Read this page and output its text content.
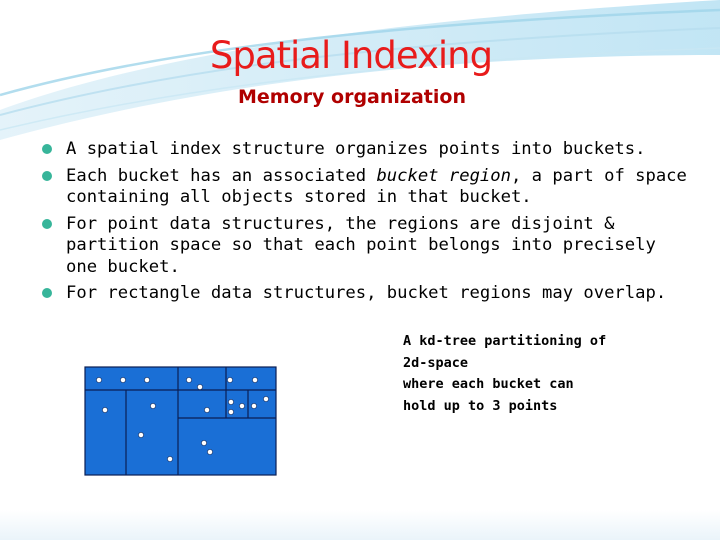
Spatial Indexing
Memory organization
A spatial index structure organizes points into buckets.
Each bucket has an associated bucket region, a part of space containing all objects stored in that bucket.
For point data structures, the regions are disjoint & partition space so that each point belongs into precisely one bucket.
For rectangle data structures, bucket regions may overlap.
A kd-tree partitioning of
2d-space
where each bucket can
hold up to 3 points
